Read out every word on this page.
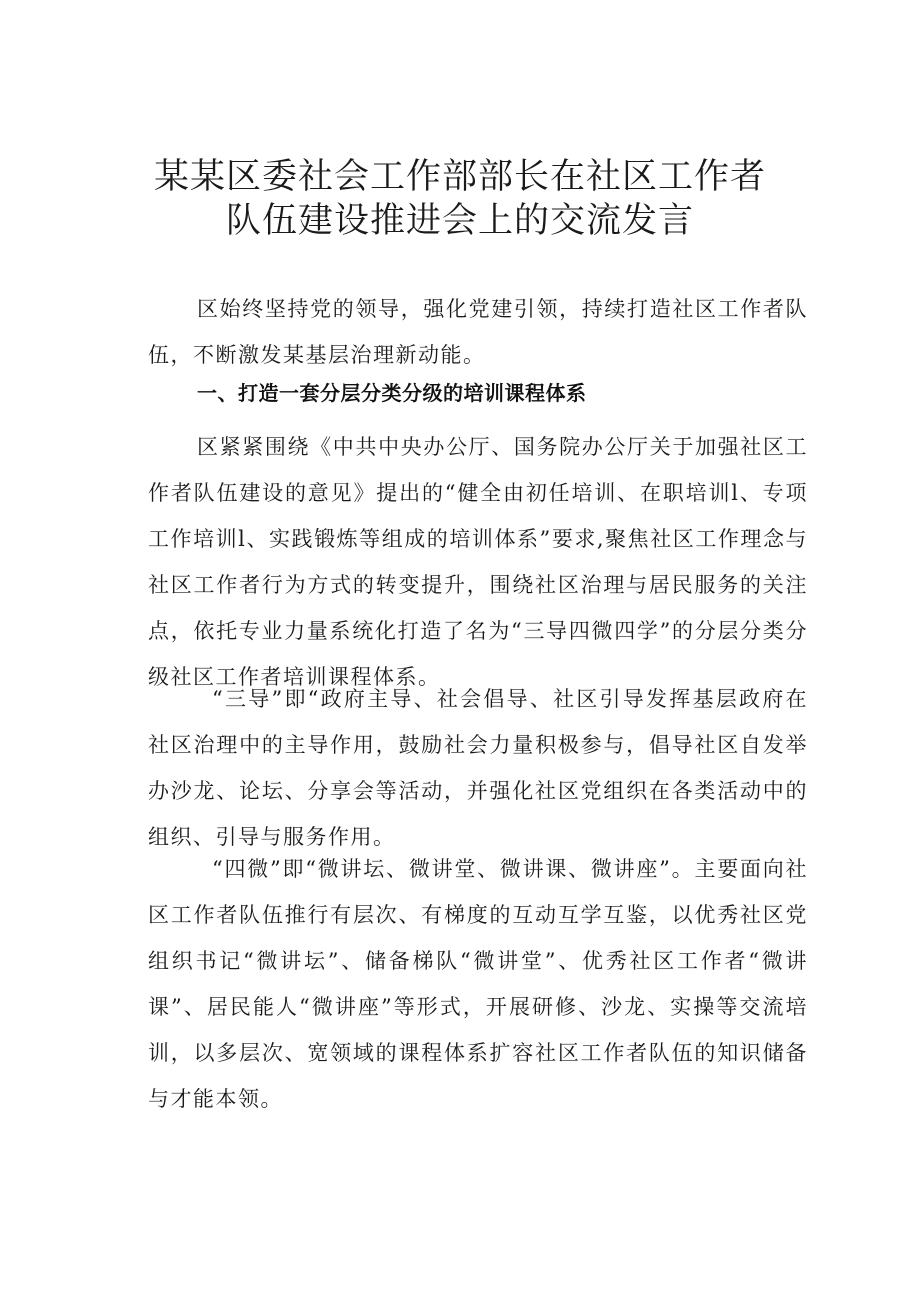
某某区委社会工作部部长在社区工作者
队伍建设推进会上的交流发言

区始终坚持党的领导，强化党建引领，持续打造社区工作者队伍，不断激发某基层治理新动能。

一、打造一套分层分类分级的培训课程体系

区紧紧围绕《中共中央办公厅、国务院办公厅关于加强社区工作者队伍建设的意见》提出的“健全由初任培训、在职培训l、专项工作培训l、实践锻炼等组成的培训体系”要求,聚焦社区工作理念与社区工作者行为方式的转变提升，围绕社区治理与居民服务的关注点，依托专业力量系统化打造了名为“三导四微四学”的分层分类分级社区工作者培训课程体系。

“三导”即“政府主导、社会倡导、社区引导发挥基层政府在社区治理中的主导作用，鼓励社会力量积极参与，倡导社区自发举办沙龙、论坛、分享会等活动，并强化社区党组织在各类活动中的组织、引导与服务作用。

“四微”即“微讲坛、微讲堂、微讲课、微讲座”。主要面向社区工作者队伍推行有层次、有梯度的互动互学互鉴，以优秀社区党组织书记“微讲坛”、储备梯队“微讲堂”、优秀社区工作者“微讲课”、居民能人“微讲座”等形式，开展研修、沙龙、实操等交流培训，以多层次、宽领域的课程体系扩容社区工作者队伍的知识储备与才能本领。
